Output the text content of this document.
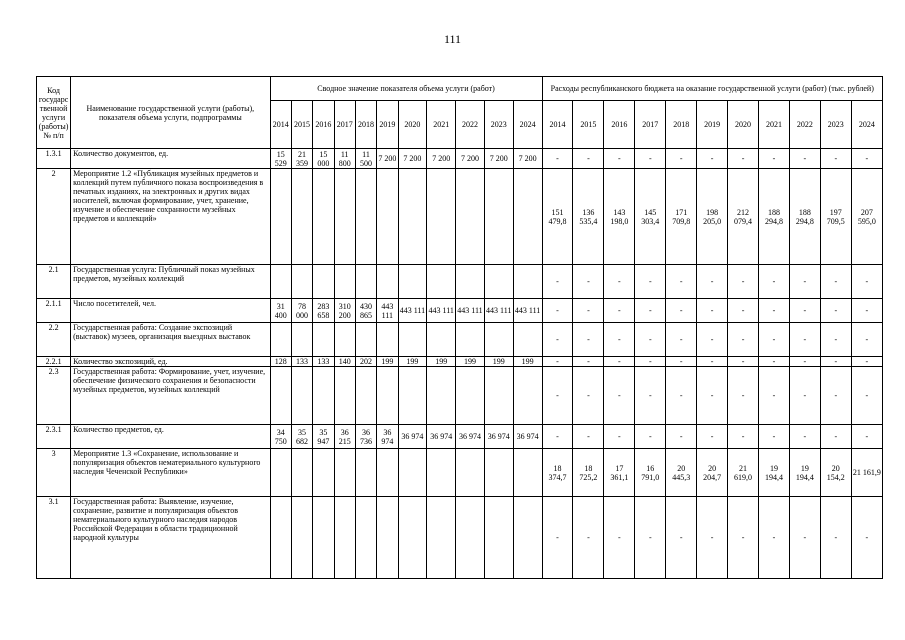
111
Код государс твенной услуги (работы) № п/п	Наименование государственной услуги (работы), показателя объема услуги, подпрограммы	Сводное значение показателя объема услуги (работ)											Расходы республиканского бюджета на оказание государственной услуги (работ) (тыс. рублей)										
		2014	2015	2016	2017	2018	2019	2020	2021	2022	2023	2024	2014	2015	2016	2017	2018	2019	2020	2021	2022	2023	2024
1.3.1	Количество документов, ед.	15 529	21 359	15 000	11 800	11 500	7 200	7 200	7 200	7 200	7 200	7 200	-	-	-	-	-	-	-	-	-	-	-
2	Мероприятие 1.2 «Публикация музейных предметов и коллекций путем публичного показа воспроизведения в печатных изданиях, на электронных и других видах носителей, включая формирование, учет, хранение, изучение и обеспечение сохранности музейных предметов и коллекций»												151 479,8	136 535,4	143 198,0	145 303,4	171 709,8	198 205,0	212 079,4	188 294,8	188 294,8	197 709,5	207 595,0
2.1	Государственная услуга: Публичный показ музейных предметов, музейных коллекций												-	-	-	-	-	-	-	-	-	-	-
2.1.1	Число посетителей, чел.	31 400	78 000	283 658	310 200	430 865	443 111	443 111	443 111	443 111	443 111	443 111	-	-	-	-	-	-	-	-	-	-	-
2.2	Государственная работа: Создание экспозиций (выставок) музеев, организация выездных выставок												-	-	-	-	-	-	-	-	-	-	-
2.2.1	Количество экспозиций, ед.	128	133	133	140	202	199	199	199	199	199	199	-	-	-	-	-	-	-	-	-	-	-
2.3	Государственная работа: Формирование, учет, изучение, обеспечение физического сохранения и безопасности музейных предметов, музейных коллекций												-	-	-	-	-	-	-	-	-	-	-
2.3.1	Количество предметов, ед.	34 750	35 682	35 947	36 215	36 736	36 974	36 974	36 974	36 974	36 974	36 974	-	-	-	-	-	-	-	-	-	-	-
3	Мероприятие 1.3 «Сохранение, использование и популяризация объектов нематериального культурного наследия Чеченской Республики»												18 374,7	18 725,2	17 361,1	16 791,0	20 445,3	20 204,7	21 619,0	19 194,4	19 194,4	20 154,2	21 161,9
3.1	Государственная работа: Выявление, изучение, сохранение, развитие и популяризация объектов нематериального культурного наследия народов Российской Федерации в области традиционной народной культуры												-	-	-	-	-	-	-	-	-	-	-
